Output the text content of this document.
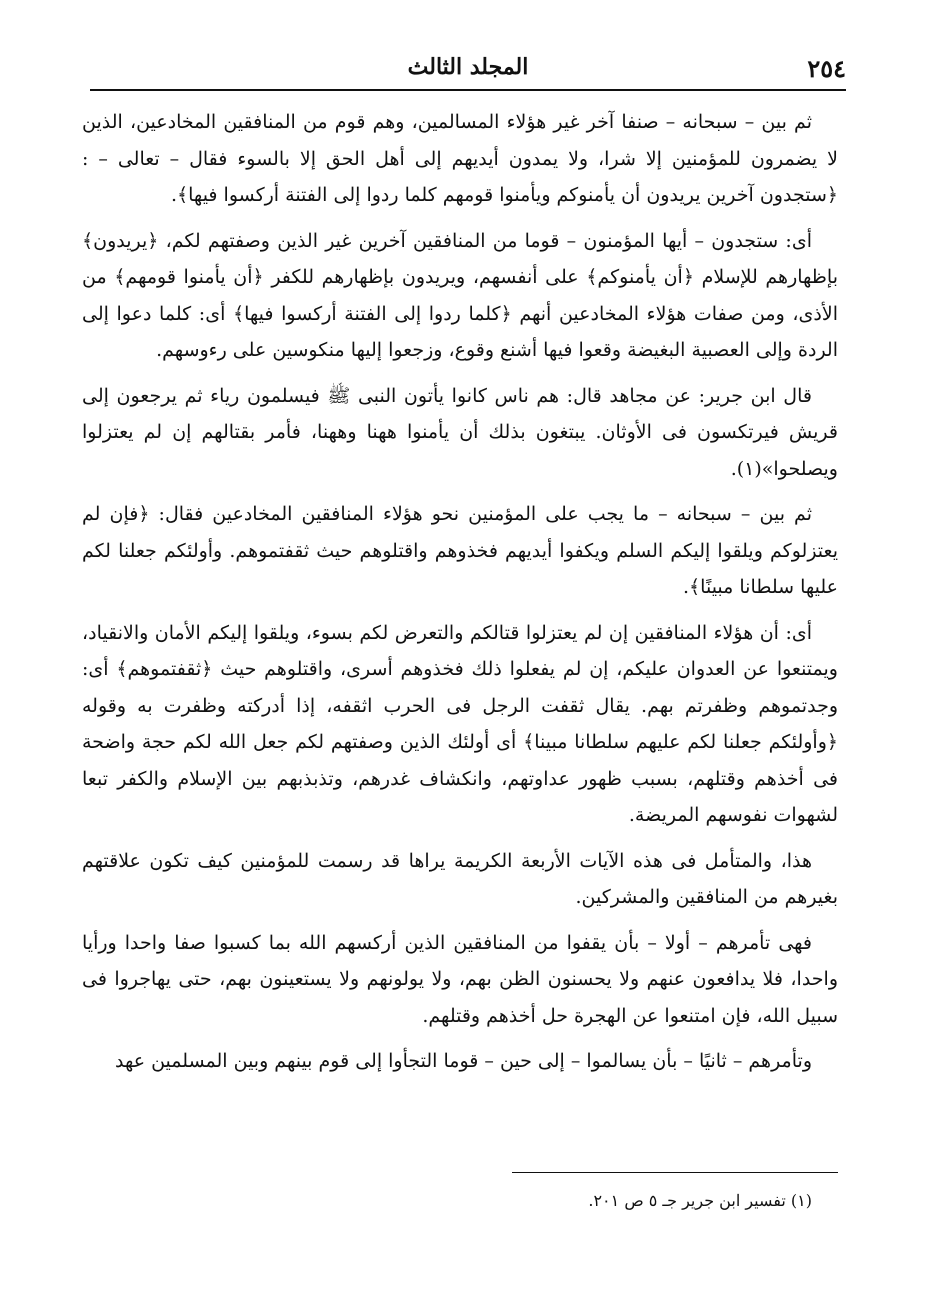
٢٥٤
المجلد الثالث

ثم بين – سبحانه – صنفا آخر غير هؤلاء المسالمين، وهم قوم من المنافقين المخادعين، الذين لا يضمرون للمؤمنين إلا شرا، ولا يمدون أيديهم إلى أهل الحق إلا بالسوء فقال – تعالى – : ﴿ستجدون آخرين يريدون أن يأمنوكم ويأمنوا قومهم كلما ردوا إلى الفتنة أركسوا فيها﴾.

أى: ستجدون – أيها المؤمنون – قوما من المنافقين آخرين غير الذين وصفتهم لكم، ﴿يريدون﴾ بإظهارهم للإسلام ﴿أن يأمنوكم﴾ على أنفسهم، ويريدون بإظهارهم للكفر ﴿أن يأمنوا قومهم﴾ من الأذى، ومن صفات هؤلاء المخادعين أنهم ﴿كلما ردوا إلى الفتنة أركسوا فيها﴾ أى: كلما دعوا إلى الردة وإلى العصبية البغيضة وقعوا فيها أشنع وقوع، وزجعوا إليها منكوسين على رءوسهم.

قال ابن جرير: عن مجاهد قال: هم ناس كانوا يأتون النبى ﷺ فيسلمون رياء ثم يرجعون إلى قريش فيرتكسون فى الأوثان. يبتغون بذلك أن يأمنوا ههنا وههنا، فأمر بقتالهم إن لم يعتزلوا ويصلحوا»(١).

ثم بين – سبحانه – ما يجب على المؤمنين نحو هؤلاء المنافقين المخادعين فقال: ﴿فإن لم يعتزلوكم ويلقوا إليكم السلم ويكفوا أيديهم فخذوهم واقتلوهم حيث ثقفتموهم. وأولئكم جعلنا لكم عليها سلطانا مبينًا﴾.

أى: أن هؤلاء المنافقين إن لم يعتزلوا قتالكم والتعرض لكم بسوء، ويلقوا إليكم الأمان والانقياد، ويمتنعوا عن العدوان عليكم، إن لم يفعلوا ذلك فخذوهم أسرى، واقتلوهم حيث ﴿ثقفتموهم﴾ أى: وجدتموهم وظفرتم بهم. يقال ثقفت الرجل فى الحرب اثقفه، إذا أدركته وظفرت به وقوله ﴿وأولئكم جعلنا لكم عليهم سلطانا مبينا﴾ أى أولئك الذين وصفتهم لكم جعل الله لكم حجة واضحة فى أخذهم وقتلهم، بسبب ظهور عداوتهم، وانكشاف غدرهم، وتذبذبهم بين الإسلام والكفر تبعا لشهوات نفوسهم المريضة.

هذا، والمتأمل فى هذه الآيات الأربعة الكريمة يراها قد رسمت للمؤمنين كيف تكون علاقتهم بغيرهم من المنافقين والمشركين.

فهى تأمرهم – أولا – بأن يقفوا من المنافقين الذين أركسهم الله بما كسبوا صفا واحدا ورأيا واحدا، فلا يدافعون عنهم ولا يحسنون الظن بهم، ولا يولونهم ولا يستعينون بهم، حتى يهاجروا فى سبيل الله، فإن امتنعوا عن الهجرة حل أخذهم وقتلهم.

وتأمرهم – ثانيًا – بأن يسالموا – إلى حين – قوما التجأوا إلى قوم بينهم وبين المسلمين عهد

(١) تفسير ابن جرير جـ ٥ ص ٢٠١.
